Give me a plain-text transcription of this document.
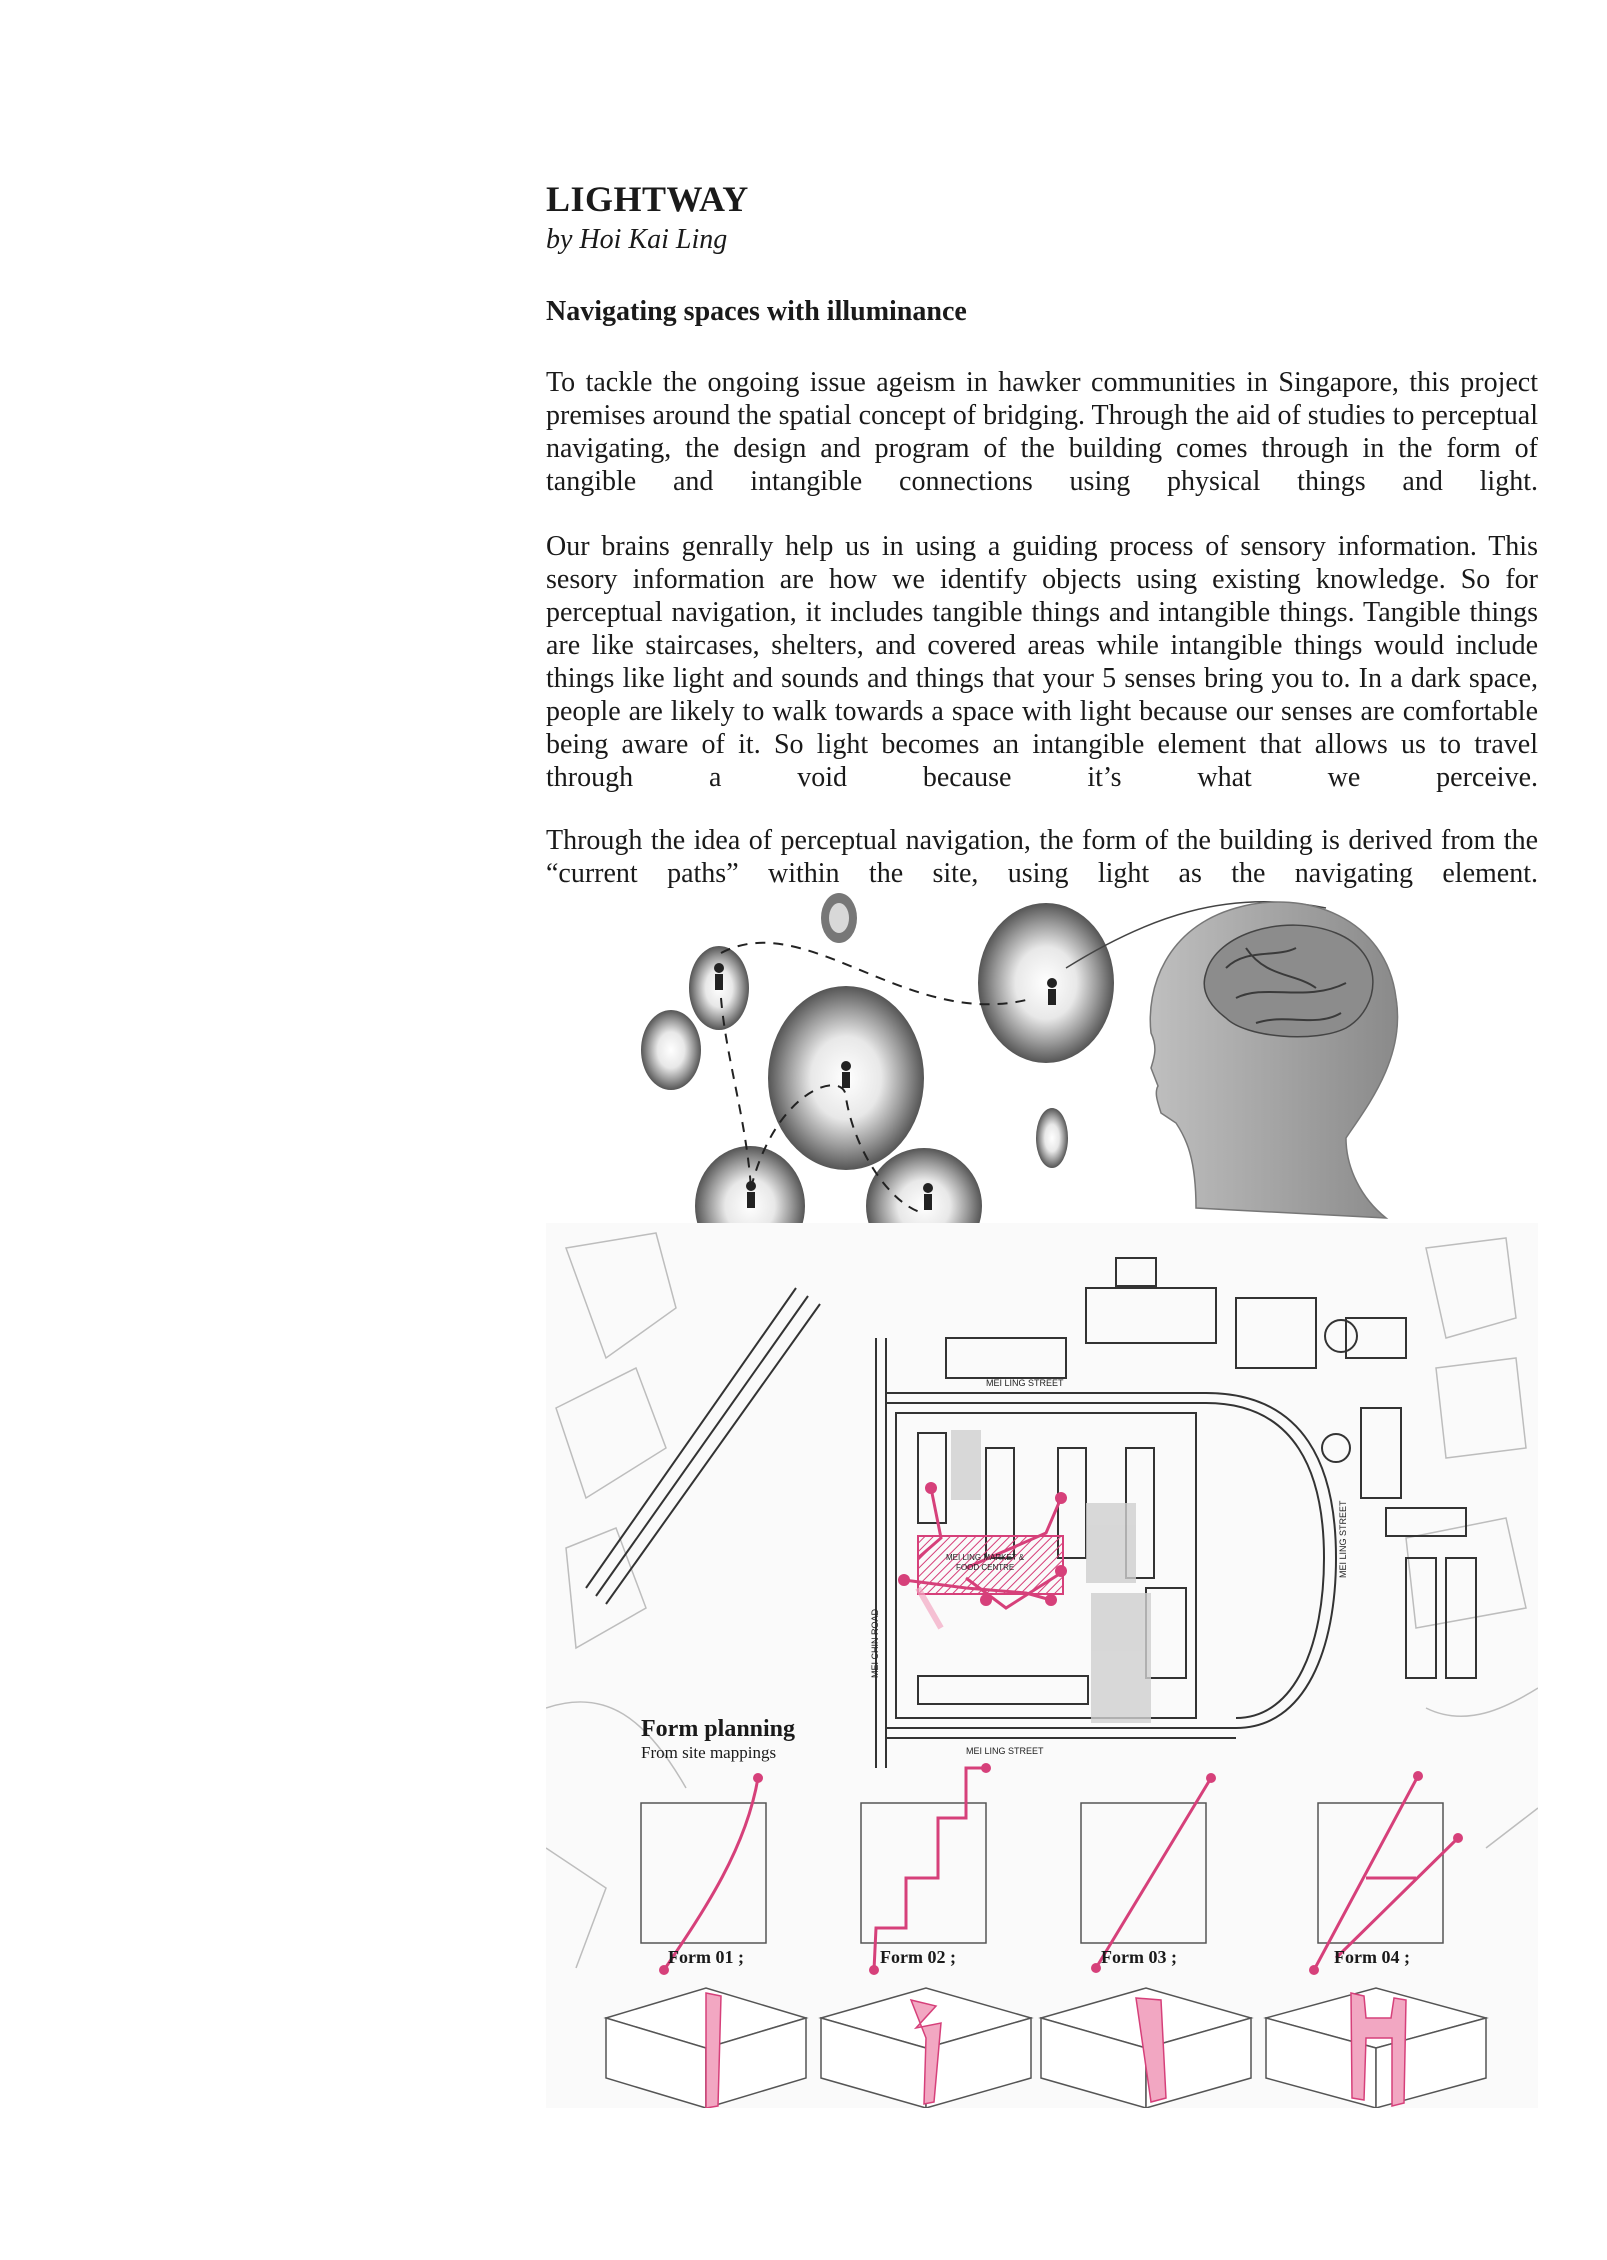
LIGHTWAY

by Hoi Kai Ling

Navigating spaces with illuminance

To tackle the ongoing issue ageism in hawker communities in Singapore, this project premises around the spatial concept of bridging. Through the aid of studies to perceptual navigating, the design and program of the building comes through in the form of tangible and intangible connections using physical things and light.

Our brains genrally help us in using a guiding process of sensory information. This sesory information are how we identify objects using existing knowledge. So for perceptual navigation, it includes tangible things and intangible things. Tangible things are like staircases, shelters, and covered areas while intangible things would include things like light and sounds and things that your 5 senses bring you to. In a dark space, people are likely to walk towards a space with light because our senses are comfortable being aware of it. So light becomes an intangible element that allows us to travel through a void because it’s what we perceive.

Through the idea of perceptual navigation, the form of the building is derived from the “current paths” within the site, using light as the navigating element.

MEI LING STREET
MEI LING STREET
MEI LING STREET
MEI CHIN ROAD
MEI LING MARKET &
FOOD CENTRE
Form planning
From site mappings
Form 01 ;	Form 02 ;	Form 03 ;	Form 04 ;
